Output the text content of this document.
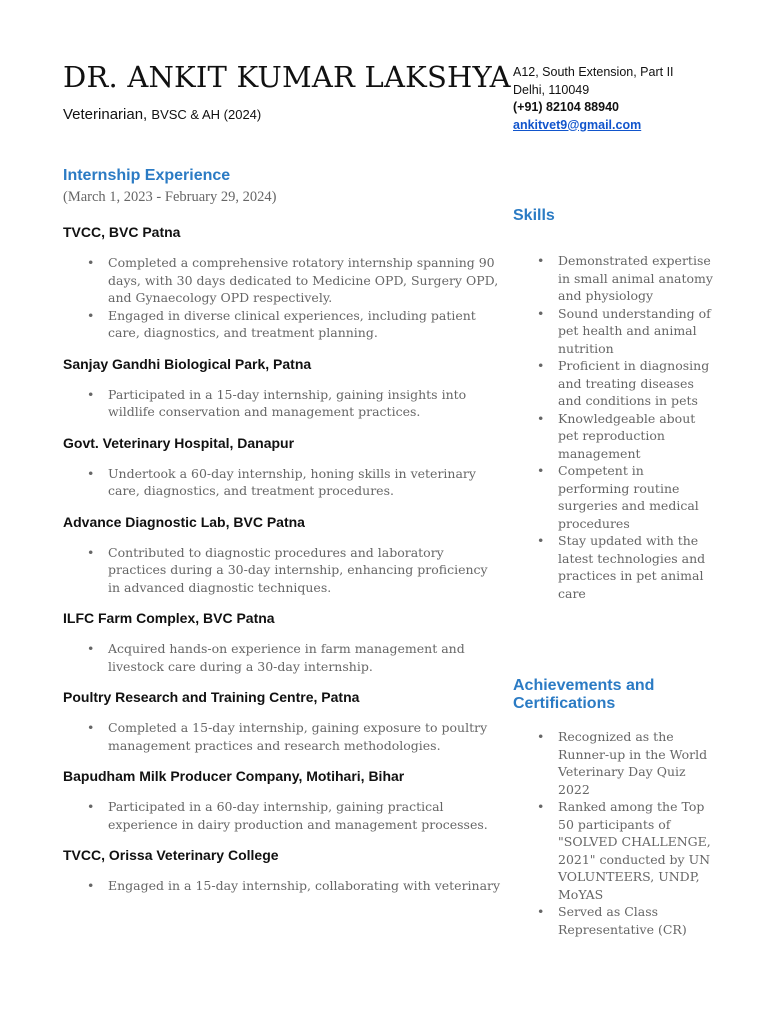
DR. ANKIT KUMAR LAKSHYA
Veterinarian, BVSC & AH (2024)
A12, South Extension, Part II
Delhi, 110049
(+91) 82104 88940
ankitvet9@gmail.com
Internship Experience
(March 1, 2023 - February 29, 2024)
TVCC, BVC Patna
• Completed a comprehensive rotatory internship spanning 90 days, with 30 days dedicated to Medicine OPD, Surgery OPD, and Gynaecology OPD respectively.
• Engaged in diverse clinical experiences, including patient care, diagnostics, and treatment planning.
Sanjay Gandhi Biological Park, Patna
• Participated in a 15-day internship, gaining insights into wildlife conservation and management practices.
Govt. Veterinary Hospital, Danapur
• Undertook a 60-day internship, honing skills in veterinary care, diagnostics, and treatment procedures.
Advance Diagnostic Lab, BVC Patna
• Contributed to diagnostic procedures and laboratory practices during a 30-day internship, enhancing proficiency in advanced diagnostic techniques.
ILFC Farm Complex, BVC Patna
• Acquired hands-on experience in farm management and livestock care during a 30-day internship.
Poultry Research and Training Centre, Patna
• Completed a 15-day internship, gaining exposure to poultry management practices and research methodologies.
Bapudham Milk Producer Company, Motihari, Bihar
• Participated in a 60-day internship, gaining practical experience in dairy production and management processes.
TVCC, Orissa Veterinary College
• Engaged in a 15-day internship, collaborating with veterinary
Skills
• Demonstrated expertise in small animal anatomy and physiology
• Sound understanding of pet health and animal nutrition
• Proficient in diagnosing and treating diseases and conditions in pets
• Knowledgeable about pet reproduction management
• Competent in performing routine surgeries and medical procedures
• Stay updated with the latest technologies and practices in pet animal care
Achievements and Certifications
• Recognized as the Runner-up in the World Veterinary Day Quiz 2022
• Ranked among the Top 50 participants of "SOLVED CHALLENGE, 2021" conducted by UN VOLUNTEERS, UNDP, MoYAS
• Served as Class Representative (CR)
